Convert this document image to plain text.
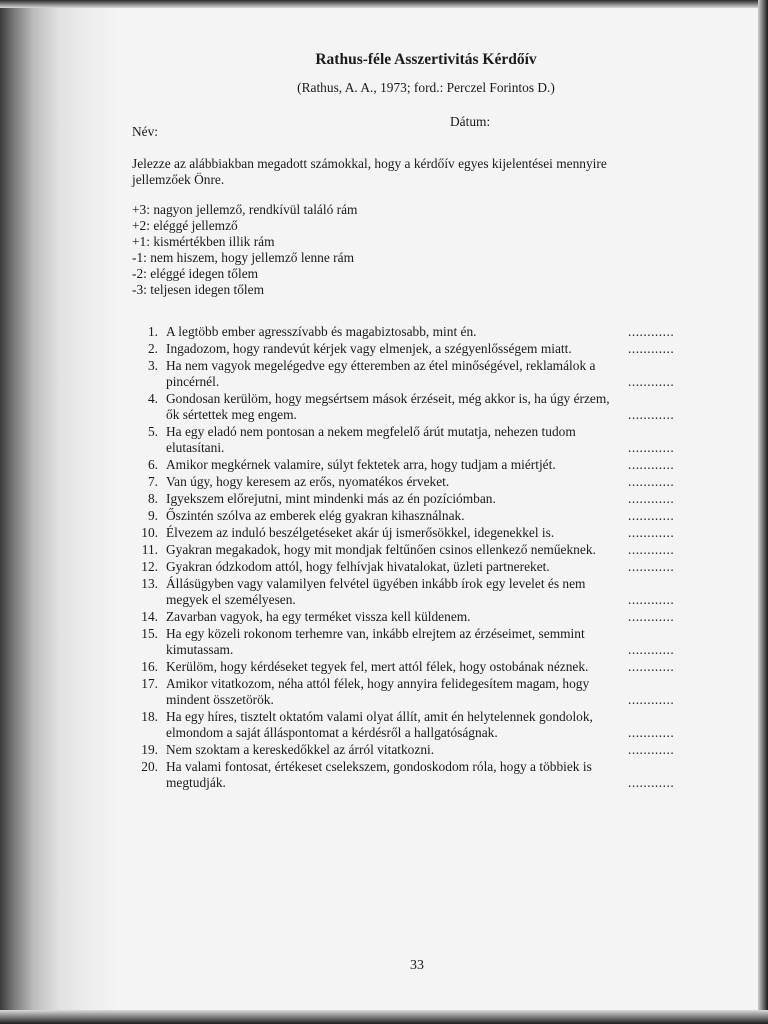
Rathus-féle Asszertivitás Kérdőív
(Rathus, A. A., 1973; ford.: Perczel Forintos D.)
Név:
Dátum:
Jelezze az alábbiakban megadott számokkal, hogy a kérdőív egyes kijelentései mennyire jellemzőek Önre.
+3: nagyon jellemző, rendkívül találó rám
+2: eléggé jellemző
+1: kismértékben illik rám
-1: nem hiszem, hogy jellemző lenne rám
-2: eléggé idegen tőlem
-3: teljesen idegen tőlem
1. A legtöbb ember agresszívabb és magabiztosabb, mint én.	............
2. Ingadozom, hogy randevút kérjek vagy elmenjek, a szégyenlősségem miatt.	............
3. Ha nem vagyok megelégedve egy étteremben az étel minőségével, reklamálok a pincérnél.	............
4. Gondosan kerülöm, hogy megsértsem mások érzéseit, még akkor is, ha úgy érzem, ők sértettek meg engem.	............
5. Ha egy eladó nem pontosan a nekem megfelelő árút mutatja, nehezen tudom elutasítani.	............
6. Amikor megkérnek valamire, súlyt fektetek arra, hogy tudjam a miértjét.	............
7. Van úgy, hogy keresem az erős, nyomatékos érveket.	............
8. Igyekszem előrejutni, mint mindenki más az én pozíciómban.	............
9. Őszintén szólva az emberek elég gyakran kihasználnak.	............
10. Élvezem az induló beszélgetéseket akár új ismerősökkel, idegenekkel is.	............
11. Gyakran megakadok, hogy mit mondjak feltűnően csinos ellenkező neműeknek. ............
12. Gyakran ódzkodom attól, hogy felhívjak hivatalokat, üzleti partnereket.	............
13. Állásügyben vagy valamilyen felvétel ügyében inkább írok egy levelet és nem megyek el személyesen.	............
14. Zavarban vagyok, ha egy terméket vissza kell küldenem.	............
15. Ha egy közeli rokonom terhemre van, inkább elrejtem az érzéseimet, semmint kimutassam.	............
16. Kerülöm, hogy kérdéseket tegyek fel, mert attól félek, hogy ostobának néznek.	............
17. Amikor vitatkozom, néha attól félek, hogy annyira felidegesítem magam, hogy mindent összetörök.	............
18. Ha egy híres, tisztelt oktatóm valami olyat állít, amit én helytelennek gondolok, elmondom a saját álláspontomat a kérdésről a hallgatóságnak.	............
19. Nem szoktam a kereskedőkkel az árról vitatkozni.	............
20. Ha valami fontosat, értékeset cselekszem, gondoskodom róla, hogy a többiek is megtudják.	............
33
